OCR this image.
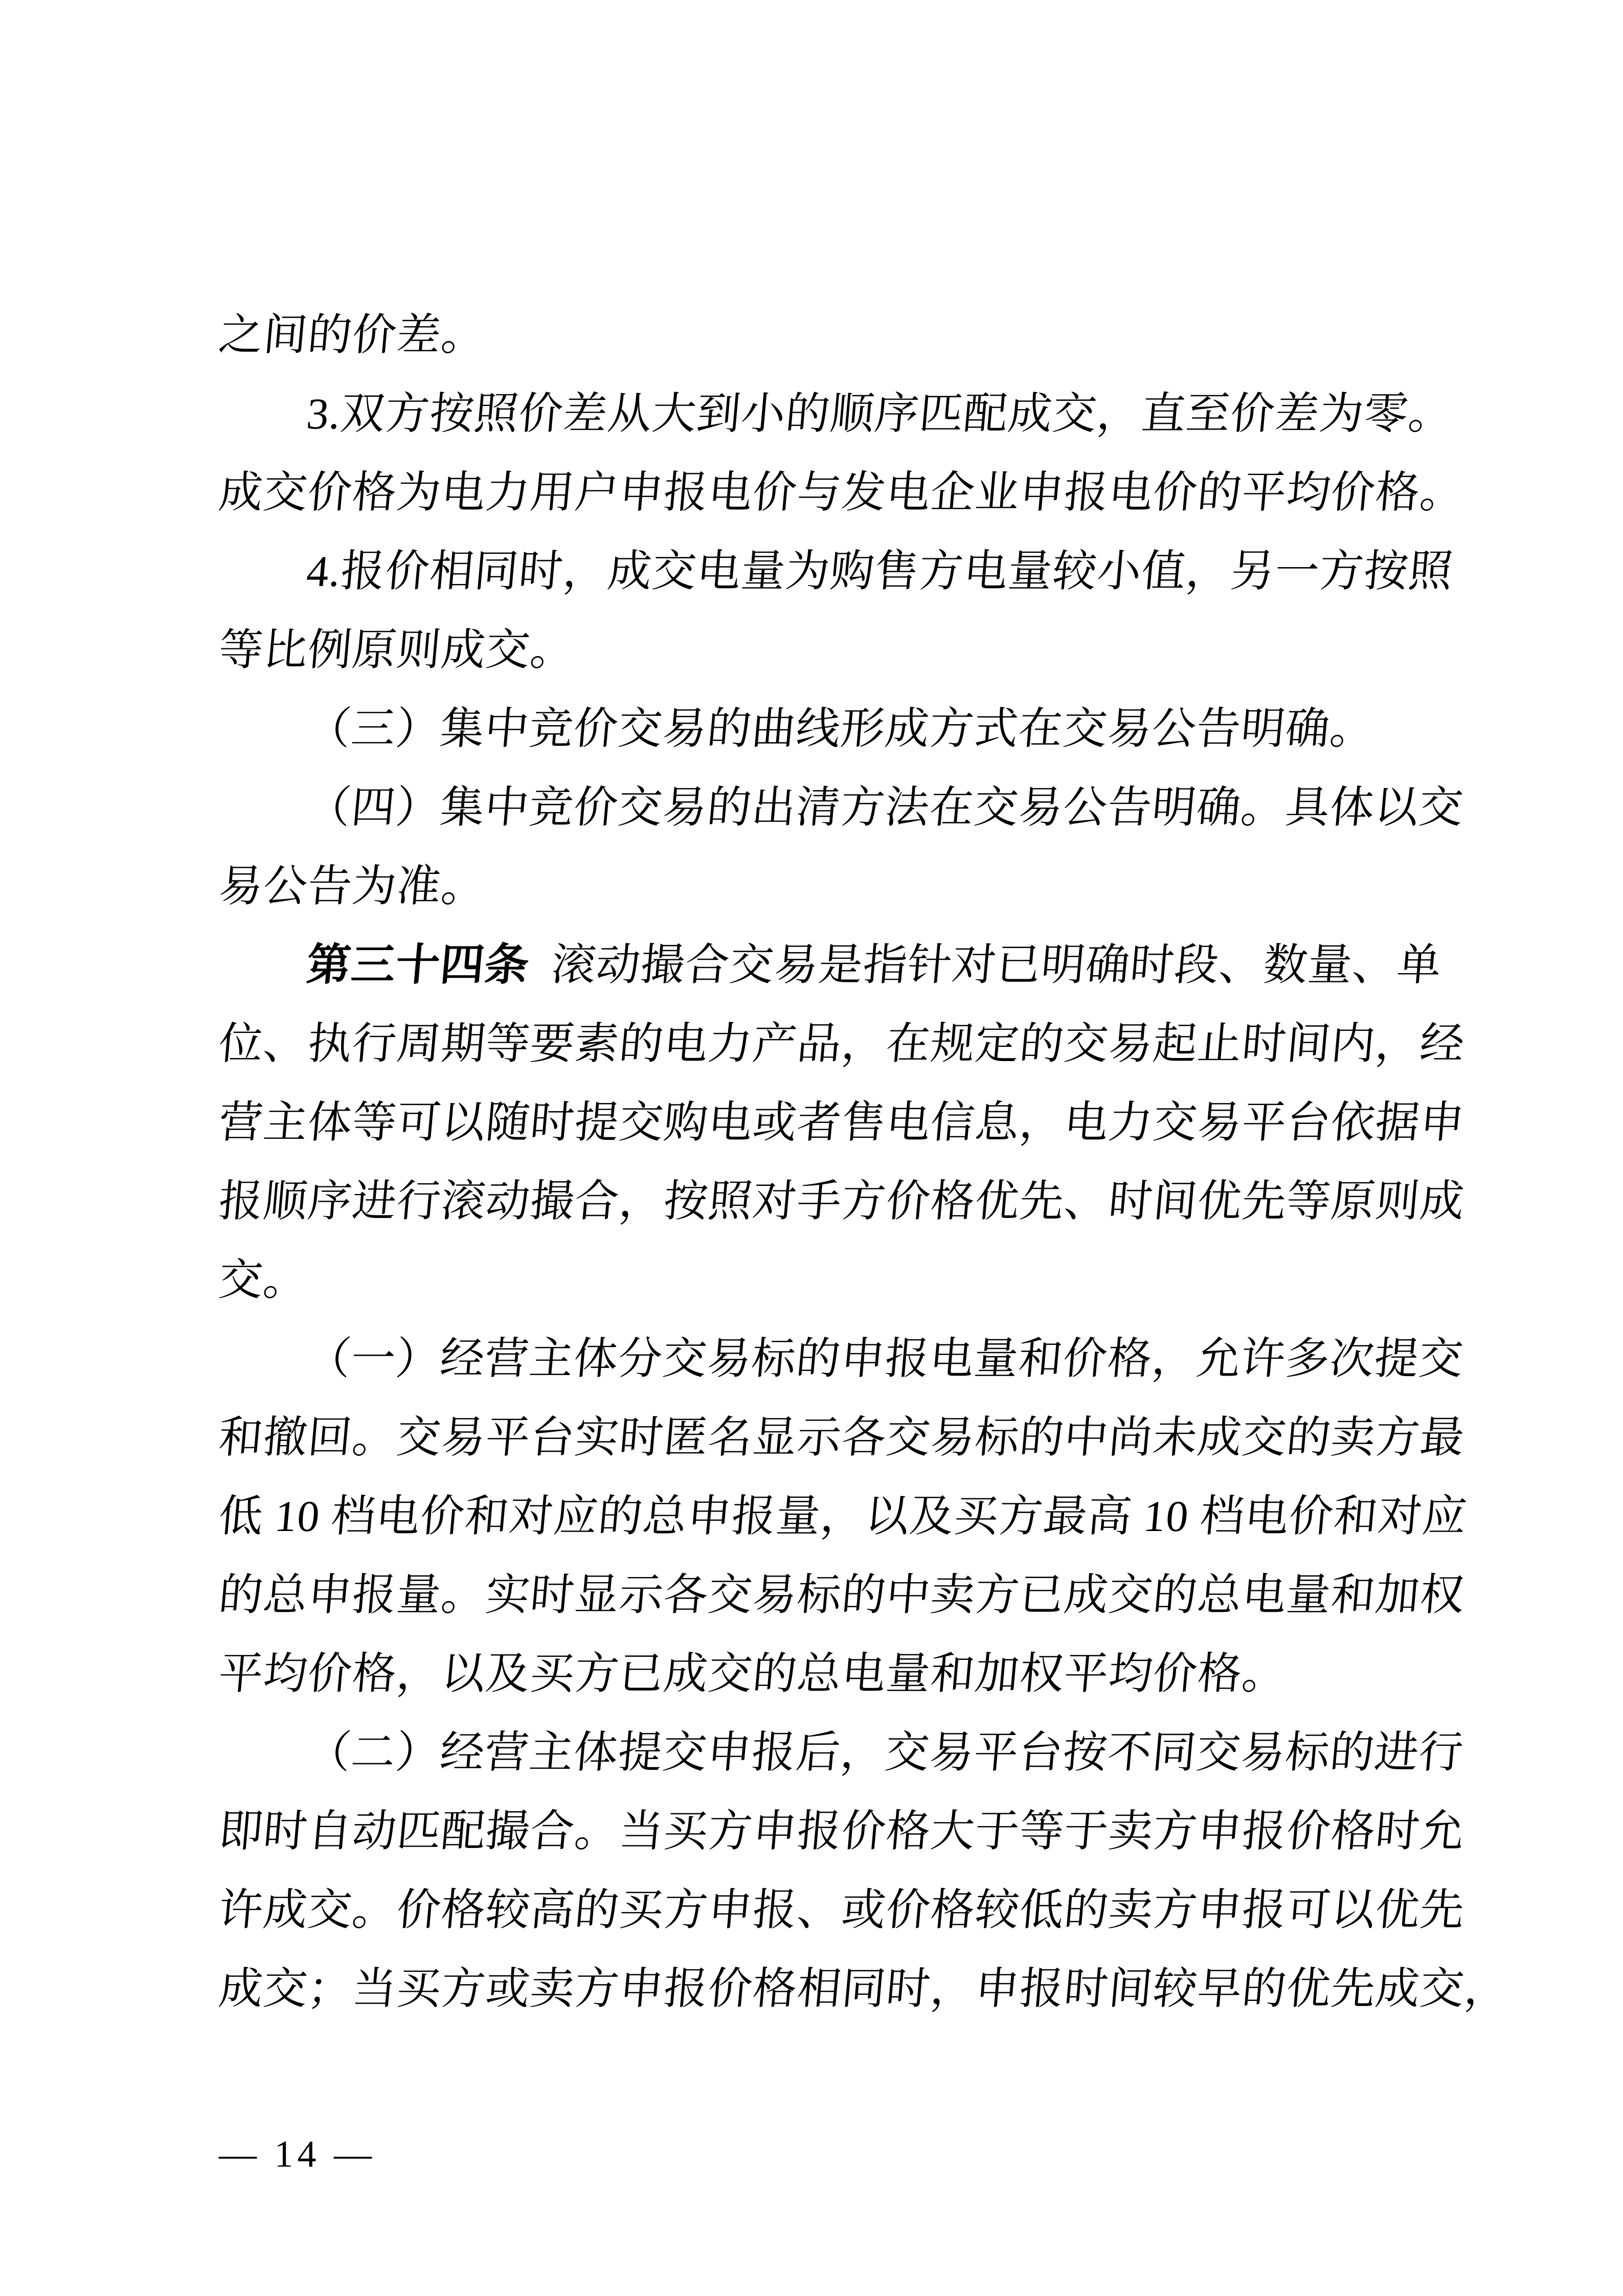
之间的价差。
3.双方按照价差从大到小的顺序匹配成交，直至价差为零。
成交价格为电力用户申报电价与发电企业申报电价的平均价格。
4.报价相同时，成交电量为购售方电量较小值，另一方按照
等比例原则成交。
（三）集中竞价交易的曲线形成方式在交易公告明确。
（四）集中竞价交易的出清方法在交易公告明确。具体以交
易公告为准。
第三十四条 滚动撮合交易是指针对已明确时段、数量、单
位、执行周期等要素的电力产品，在规定的交易起止时间内，经
营主体等可以随时提交购电或者售电信息，电力交易平台依据申
报顺序进行滚动撮合，按照对手方价格优先、时间优先等原则成
交。
（一）经营主体分交易标的申报电量和价格，允许多次提交
和撤回。交易平台实时匿名显示各交易标的中尚未成交的卖方最
低 10 档电价和对应的总申报量，以及买方最高 10 档电价和对应
的总申报量。实时显示各交易标的中卖方已成交的总电量和加权
平均价格，以及买方已成交的总电量和加权平均价格。
（二）经营主体提交申报后，交易平台按不同交易标的进行
即时自动匹配撮合。当买方申报价格大于等于卖方申报价格时允
许成交。价格较高的买方申报、或价格较低的卖方申报可以优先
成交；当买方或卖方申报价格相同时，申报时间较早的优先成交，
— 14 —
